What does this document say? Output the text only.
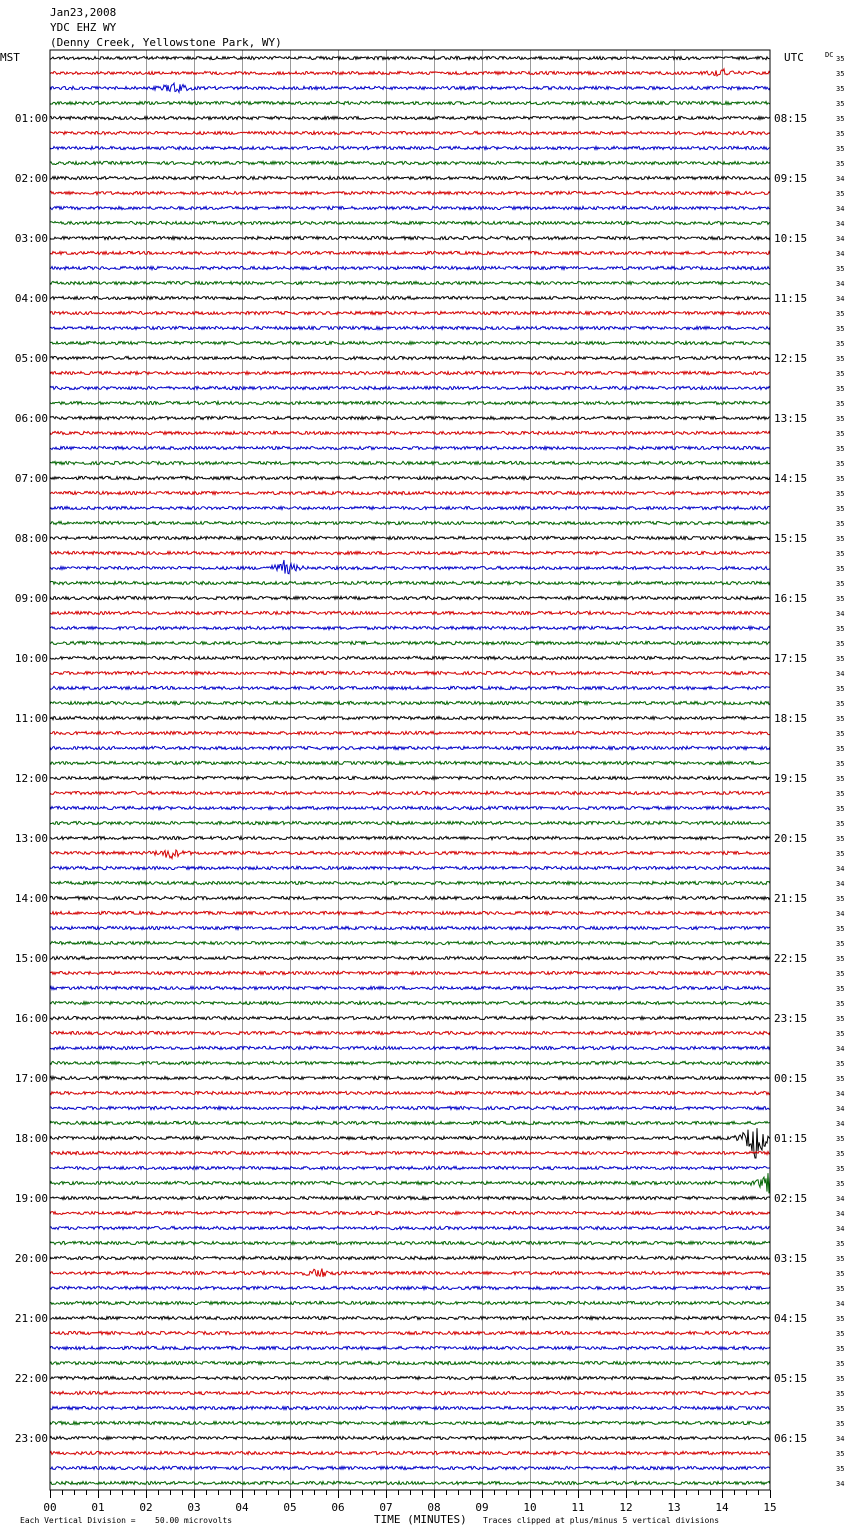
00	01	02	03	04	05	06	07	08	09	10	11	12	13	14	15
01:00
02:00
03:00
04:00
05:00
06:00
07:00
08:00
09:00
10:00
11:00
12:00
13:00
14:00
15:00
16:00
17:00
18:00
19:00
20:00
21:00
22:00
23:00
08:15
09:15
10:15
11:15
12:15
13:15
14:15
15:15
16:15
17:15
18:15
19:15
20:15
21:15
22:15
23:15
00:15
01:15
02:15
03:15
04:15
05:15
06:15
35
35
35
35
35
35
35
35
34
35
34
34
34
34
35
34
34
35
35
35
35
35
35
35
35
35
35
35
35
35
35
35
35
35
35
35
35
34
35
35
35
34
35
35
35
35
35
35
35
35
35
35
35
35
34
34
35
34
35
35
35
35
35
35
35
35
34
35
35
34
34
34
35
35
35
35
34
34
34
35
35
35
35
34
35
35
35
35
35
35
35
35
34
35
35
34
Jan23,2008
YDC EHZ WY
(Denny Creek, Yellowstone Park, WY)
MST	UTC	DC
Each Vertical Division = 50.00 microvolts	TIME (MINUTES) Traces clipped at plus/minus 5 vertical divisions
